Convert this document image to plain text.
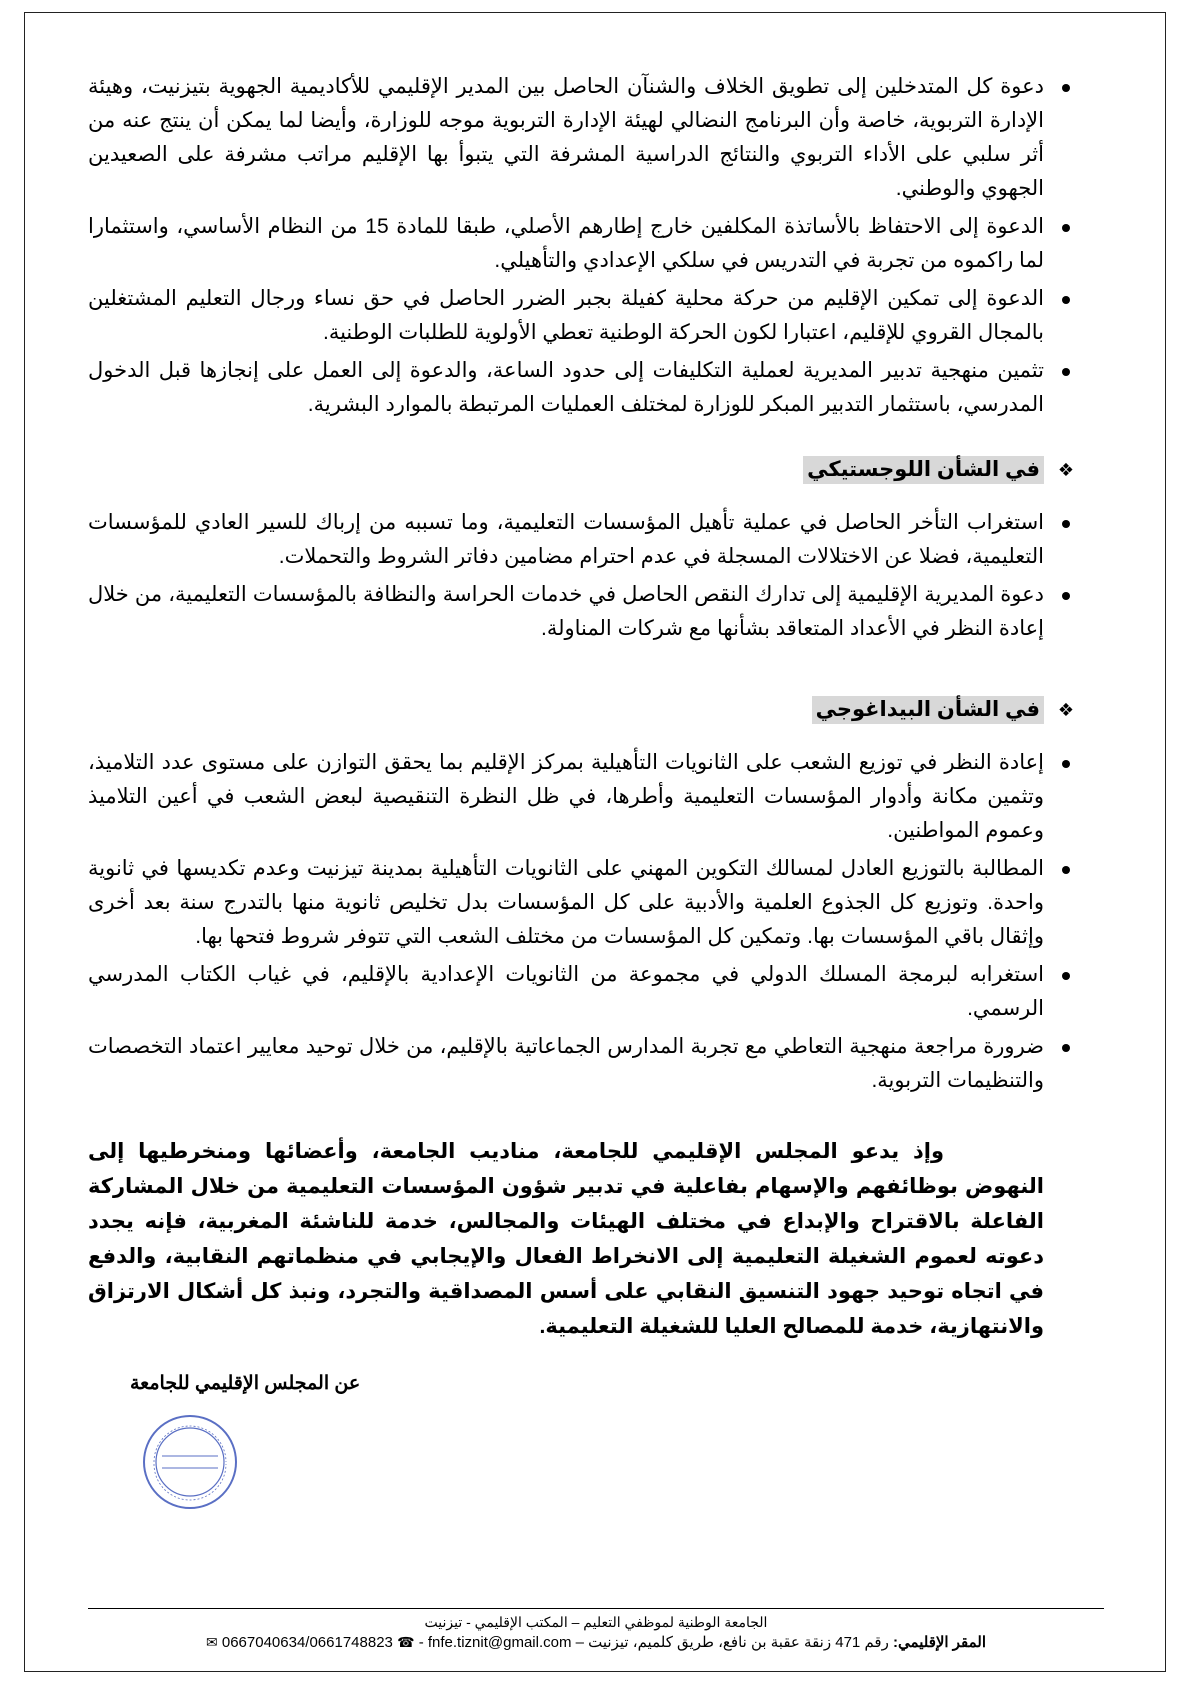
دعوة كل المتدخلين إلى تطويق الخلاف والشنآن الحاصل بين المدير الإقليمي للأكاديمية الجهوية بتيزنيت، وهيئة الإدارة التربوية، خاصة وأن البرنامج النضالي لهيئة الإدارة التربوية موجه للوزارة، وأيضا لما يمكن أن ينتج عنه من أثر سلبي على الأداء التربوي والنتائج الدراسية المشرفة التي يتبوأ بها الإقليم مراتب مشرفة على الصعيدين الجهوي والوطني.
الدعوة إلى الاحتفاظ بالأساتذة المكلفين خارج إطارهم الأصلي، طبقا للمادة 15 من النظام الأساسي، واستثمارا لما راكموه من تجربة في التدريس في سلكي الإعدادي والتأهيلي.
الدعوة إلى تمكين الإقليم من حركة محلية كفيلة بجبر الضرر الحاصل في حق نساء ورجال التعليم المشتغلين بالمجال القروي للإقليم، اعتبارا لكون الحركة الوطنية تعطي الأولوية للطلبات الوطنية.
تثمين منهجية تدبير المديرية لعملية التكليفات إلى حدود الساعة، والدعوة إلى العمل على إنجازها قبل الدخول المدرسي، باستثمار التدبير المبكر للوزارة لمختلف العمليات المرتبطة بالموارد البشرية.
❖
في الشأن اللوجستيكي
استغراب التأخر الحاصل في عملية تأهيل المؤسسات التعليمية، وما تسببه من إرباك للسير العادي للمؤسسات التعليمية، فضلا عن الاختلالات المسجلة في عدم احترام مضامين دفاتر الشروط والتحملات.
دعوة المديرية الإقليمية إلى تدارك النقص الحاصل في خدمات الحراسة والنظافة بالمؤسسات التعليمية، من خلال إعادة النظر في الأعداد المتعاقد بشأنها مع شركات المناولة.
❖
في الشأن البيداغوجي
إعادة النظر في توزيع الشعب على الثانويات التأهيلية بمركز الإقليم بما يحقق التوازن على مستوى عدد التلاميذ، وتثمين مكانة وأدوار المؤسسات التعليمية وأطرها، في ظل النظرة التنقيصية لبعض الشعب في أعين التلاميذ وعموم المواطنين.
المطالبة بالتوزيع العادل لمسالك التكوين المهني على الثانويات التأهيلية بمدينة تيزنيت وعدم تكديسها في ثانوية واحدة. وتوزيع كل الجذوع العلمية والأدبية على كل المؤسسات بدل تخليص ثانوية منها بالتدرج سنة بعد أخرى وإثقال باقي المؤسسات بها. وتمكين كل المؤسسات من مختلف الشعب التي تتوفر شروط فتحها بها.
استغرابه لبرمجة المسلك الدولي في مجموعة من الثانويات الإعدادية بالإقليم، في غياب الكتاب المدرسي الرسمي.
ضرورة مراجعة منهجية التعاطي مع تجربة المدارس الجماعاتية بالإقليم، من خلال توحيد معايير اعتماد التخصصات والتنظيمات التربوية.

وإذ يدعو المجلس الإقليمي للجامعة، مناديب الجامعة، وأعضائها ومنخرطيها إلى النهوض بوظائفهم والإسهام بفاعلية في تدبير شؤون المؤسسات التعليمية من خلال المشاركة الفاعلة بالاقتراح والإبداع في مختلف الهيئات والمجالس، خدمة للناشئة المغربية، فإنه يجدد دعوته لعموم الشغيلة التعليمية إلى الانخراط الفعال والإيجابي في منظماتهم النقابية، والدفع في اتجاه توحيد جهود التنسيق النقابي على أسس المصداقية والتجرد، ونبذ كل أشكال الارتزاق والانتهازية، خدمة للمصالح العليا للشغيلة التعليمية.

عن المجلس الإقليمي للجامعة
الجامعة الوطنية لموظفي التعليم – المكتب الإقليمي - تيزنيت
المقر الإقليمي: رقم 471 زنقة عقبة بن نافع، طريق كلميم، تيزنيت – 0667040634/0661748823 ☎ - fnfe.tiznit@gmail.com ✉
